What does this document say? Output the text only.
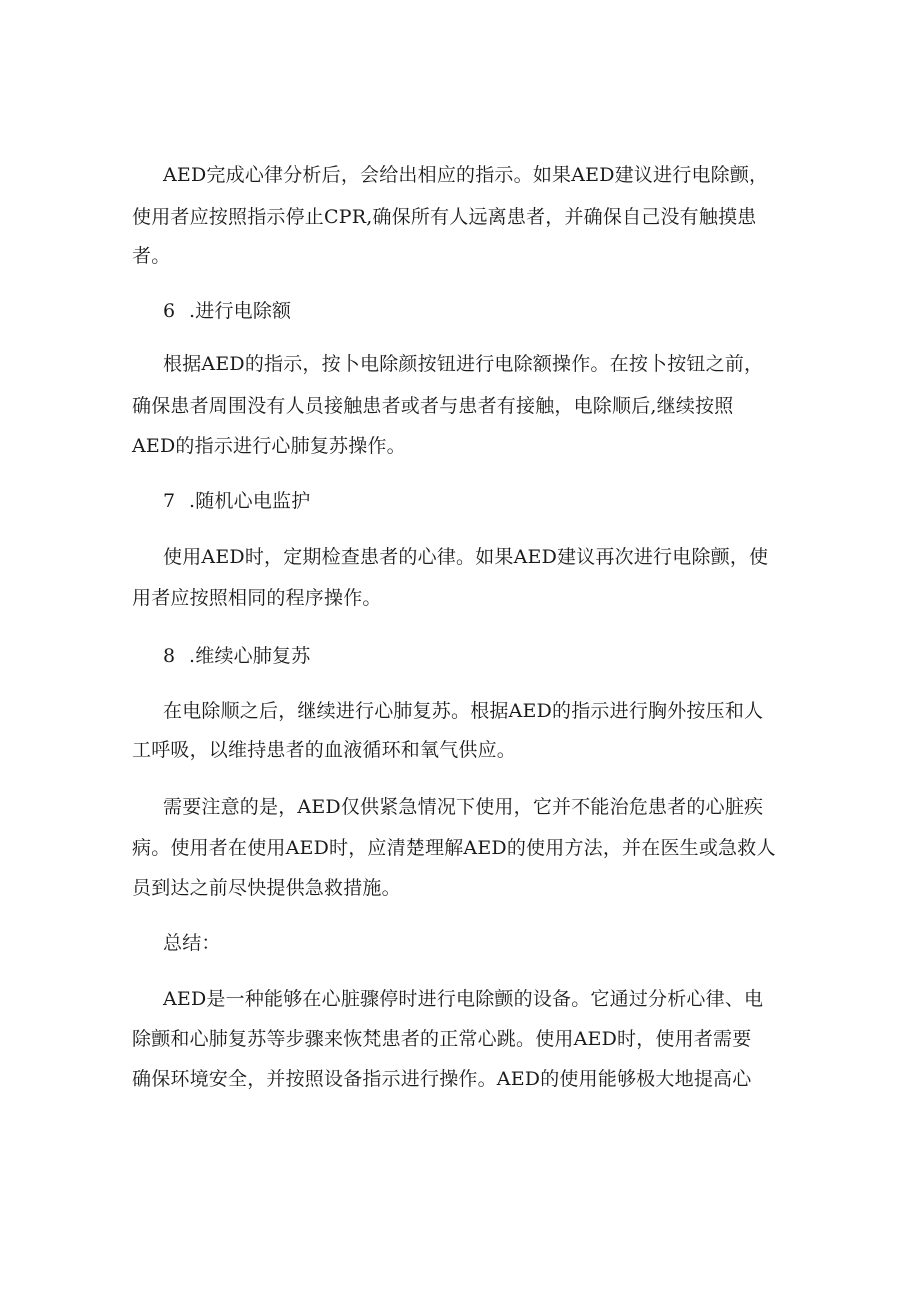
AED完成心律分析后，会给出相应的指示。如果AED建议进行电除颤，
使用者应按照指示停止CPR,确保所有人远离患者，并确保自己没有触摸患
者。
6 .进行电除额
根据AED的指示，按卜电除颜按钮进行电除额操作。在按卜按钮之前，
确保患者周围没有人员接触患者或者与患者有接触，电除顺后,继续按照
AED的指示进行心肺复苏操作。
7 .随机心电监护
使用AED时，定期检查患者的心律。如果AED建议再次进行电除颤，使
用者应按照相同的程序操作。
8 .维续心肺复苏
在电除顺之后，继续进行心肺复苏。根据AED的指示进行胸外按压和人
工呼吸，以维持患者的血液循环和氧气供应。
需要注意的是，AED仅供紧急情况下使用，它并不能治危患者的心脏疾
病。使用者在使用AED时，应清楚理解AED的使用方法，并在医生或急救人
员到达之前尽快提供急救措施。
总结：
AED是一种能够在心脏骤停时进行电除颤的设备。它通过分析心律、电
除颤和心肺复苏等步骤来恢梵患者的正常心跳。使用AED时，使用者需要
确保环境安全，并按照设备指示进行操作。AED的使用能够极大地提高心
